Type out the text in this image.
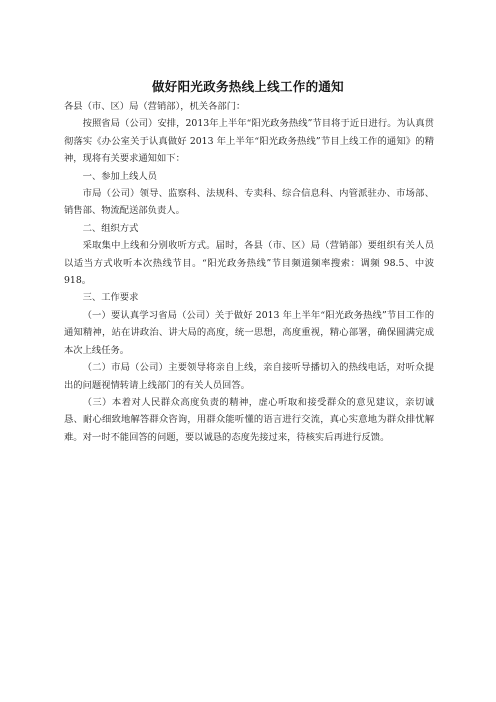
做好阳光政务热线上线工作的通知

各县（市、区）局（营销部），机关各部门：

按照省局（公司）安排，2013年上半年“阳光政务热线”节目将于近日进行。为认真贯彻落实《办公室关于认真做好 2013 年上半年“阳光政务热线”节目上线工作的通知》的精神，现将有关要求通知如下：

一、参加上线人员

市局（公司）领导、监察科、法规科、专卖科、综合信息科、内管派驻办、市场部、销售部、物流配送部负责人。

二、组织方式

采取集中上线和分别收听方式。届时，各县（市、区）局（营销部）要组织有关人员以适当方式收听本次热线节目。“阳光政务热线”节目频道频率搜索：调频 98.5、中波 918。

三、工作要求

（一）要认真学习省局（公司）关于做好 2013 年上半年“阳光政务热线”节目工作的通知精神，站在讲政治、讲大局的高度，统一思想，高度重视，精心部署，确保圆满完成本次上线任务。

（二）市局（公司）主要领导将亲自上线，亲自接听导播切入的热线电话，对听众提出的问题视情转请上线部门的有关人员回答。

（三）本着对人民群众高度负责的精神，虚心听取和接受群众的意见建议，亲切诚恳、耐心细致地解答群众咨询，用群众能听懂的语言进行交流，真心实意地为群众排忧解难。对一时不能回答的问题，要以诚恳的态度先接过来，待核实后再进行反馈。
